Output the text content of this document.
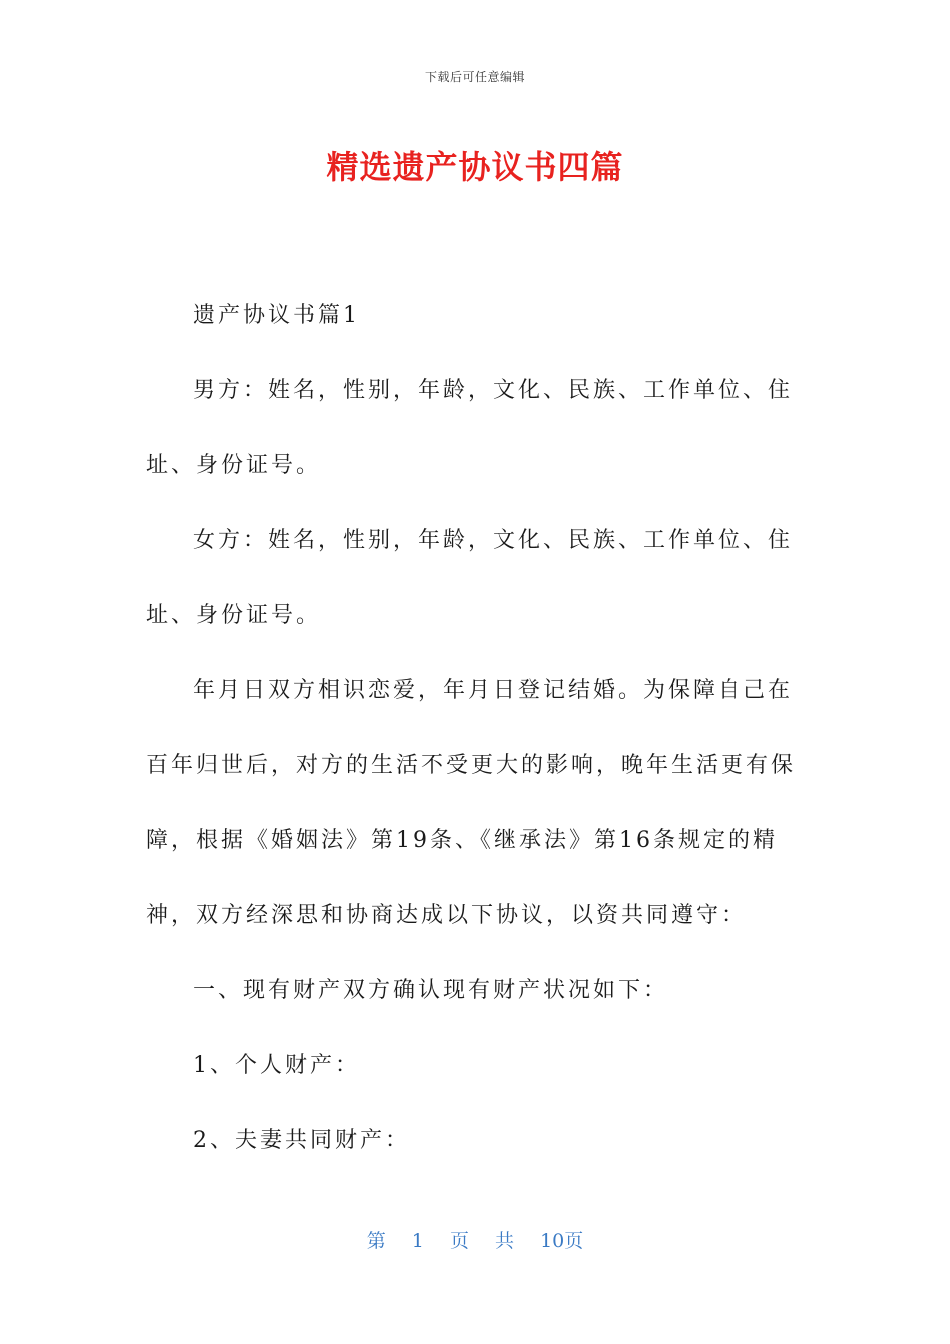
下载后可任意编辑
精选遗产协议书四篇

遗产协议书篇1

男方：姓名，性别，年龄，文化、民族、工作单位、住址、身份证号。

女方：姓名，性别，年龄，文化、民族、工作单位、住址、身份证号。

年月日双方相识恋爱，年月日登记结婚。为保障自己在百年归世后，对方的生活不受更大的影响，晚年生活更有保障，根据《婚姻法》第19条、《继承法》第16条规定的精神，双方经深思和协商达成以下协议，以资共同遵守：

一、现有财产双方确认现有财产状况如下：

1、个人财产：

2、夫妻共同财产：

第 1 页 共 10页
